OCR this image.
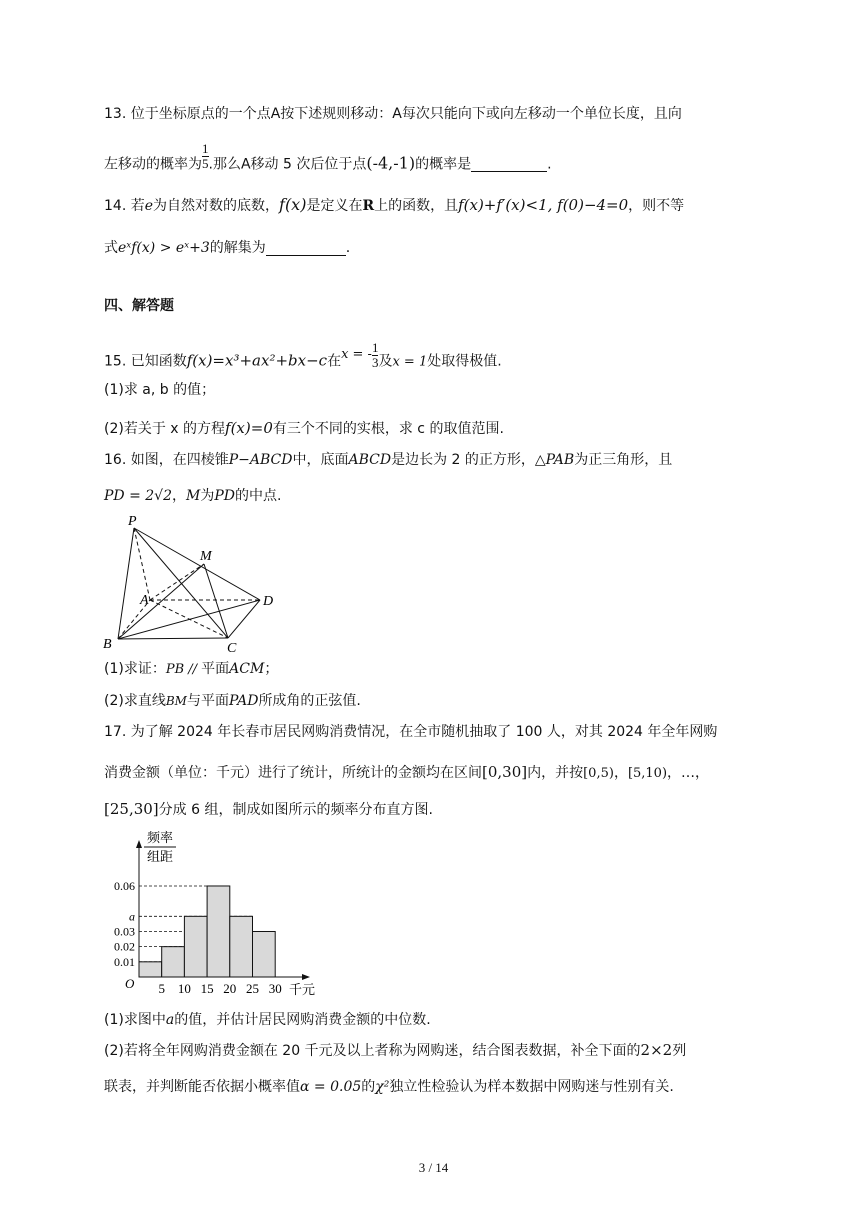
13. 位于坐标原点的一个点A按下述规则移动：A每次只能向下或向左移动一个单位长度，且向
左移动的概率为 $\frac{1}{5}$ .那么A移动 5 次后位于点(-4,-1)的概率是	.
14. 若e为自然对数的底数，f(x)是定义在R上的函数，且f(x)+f′(x)<1, f(0)−4=0，则不等
式eˣf(x) > eˣ+3的解集为	.
四、解答题
15. 已知函数f(x)=x³+ax²+bx−c在x = - $\frac{1}{3}$ 及x = 1处取得极值.
(1)求 a, b 的值；
(2)若关于 x 的方程f(x)=0有三个不同的实根，求 c 的取值范围.
16. 如图，在四棱锥P−ABCD中，底面ABCD是边长为 2 的正方形，△PAB为正三角形，且
PD = 2√2，M为PD的中点.
P
M
A	D
B	C
(1)求证：PB // 平面ACM；
(2)求直线BM与平面PAD所成角的正弦值.
17. 为了解 2024 年长春市居民网购消费情况，在全市随机抽取了 100 人，对其 2024 年全年网购
消费金额（单位：千元）进行了统计，所统计的金额均在区间[0,30]内，并按[0,5)，[5,10)，…，
[25,30]分成 6 组，制成如图所示的频率分布直方图.
0.06
a
0.03
0.02
0.01
5 10 15 20 25 30
频率
组距
千元
O
(1)求图中a的值，并估计居民网购消费金额的中位数.
(2)若将全年网购消费金额在 20 千元及以上者称为网购迷，结合图表数据，补全下面的2×2列
联表，并判断能否依据小概率值α = 0.05的χ²独立性检验认为样本数据中网购迷与性别有关.
3 / 14
